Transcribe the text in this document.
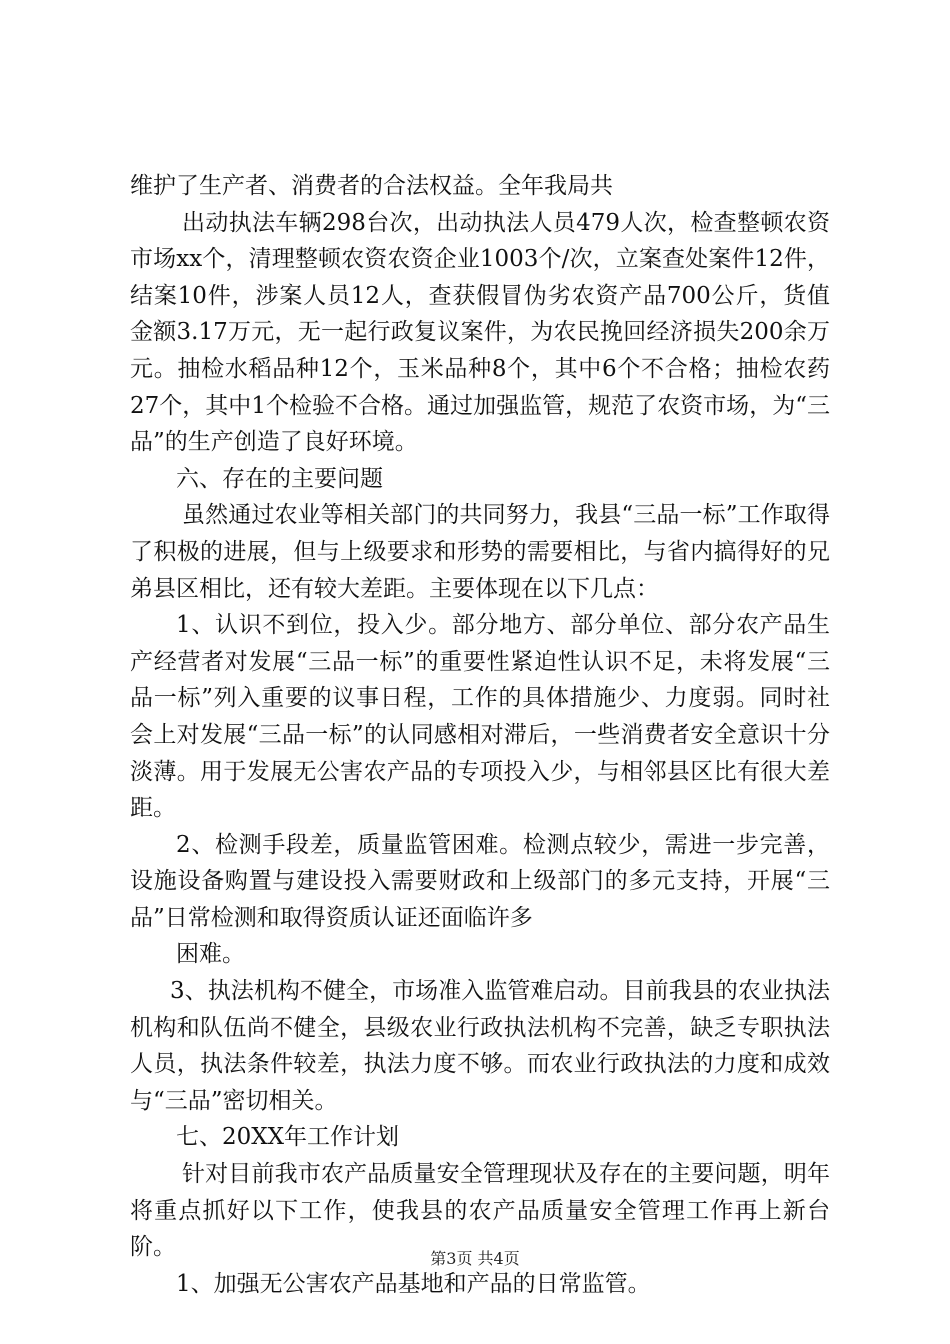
维护了生产者、消费者的合法权益。全年我局共

出动执法车辆298台次，出动执法人员479人次，检查整顿农资市场xx个，清理整顿农资农资企业1003个/次，立案查处案件12件，结案10件，涉案人员12人，查获假冒伪劣农资产品700公斤，货值金额3.17万元，无一起行政复议案件，为农民挽回经济损失200余万元。抽检水稻品种12个，玉米品种8个，其中6个不合格；抽检农药27个，其中1个检验不合格。通过加强监管，规范了农资市场，为“三品”的生产创造了良好环境。

六、存在的主要问题

虽然通过农业等相关部门的共同努力，我县“三品一标”工作取得了积极的进展，但与上级要求和形势的需要相比，与省内搞得好的兄弟县区相比，还有较大差距。主要体现在以下几点：

1、认识不到位，投入少。部分地方、部分单位、部分农产品生产经营者对发展“三品一标”的重要性紧迫性认识不足，未将发展“三品一标”列入重要的议事日程，工作的具体措施少、力度弱。同时社会上对发展“三品一标”的认同感相对滞后，一些消费者安全意识十分淡薄。用于发展无公害农产品的专项投入少，与相邻县区比有很大差距。

2、检测手段差，质量监管困难。检测点较少，需进一步完善，设施设备购置与建设投入需要财政和上级部门的多元支持，开展“三品”日常检测和取得资质认证还面临许多

困难。

3、执法机构不健全，市场准入监管难启动。目前我县的农业执法机构和队伍尚不健全，县级农业行政执法机构不完善，缺乏专职执法人员，执法条件较差，执法力度不够。而农业行政执法的力度和成效与“三品”密切相关。

七、20XX年工作计划

针对目前我市农产品质量安全管理现状及存在的主要问题，明年将重点抓好以下工作，使我县的农产品质量安全管理工作再上新台阶。

1、加强无公害农产品基地和产品的日常监管。

第3页 共4页
